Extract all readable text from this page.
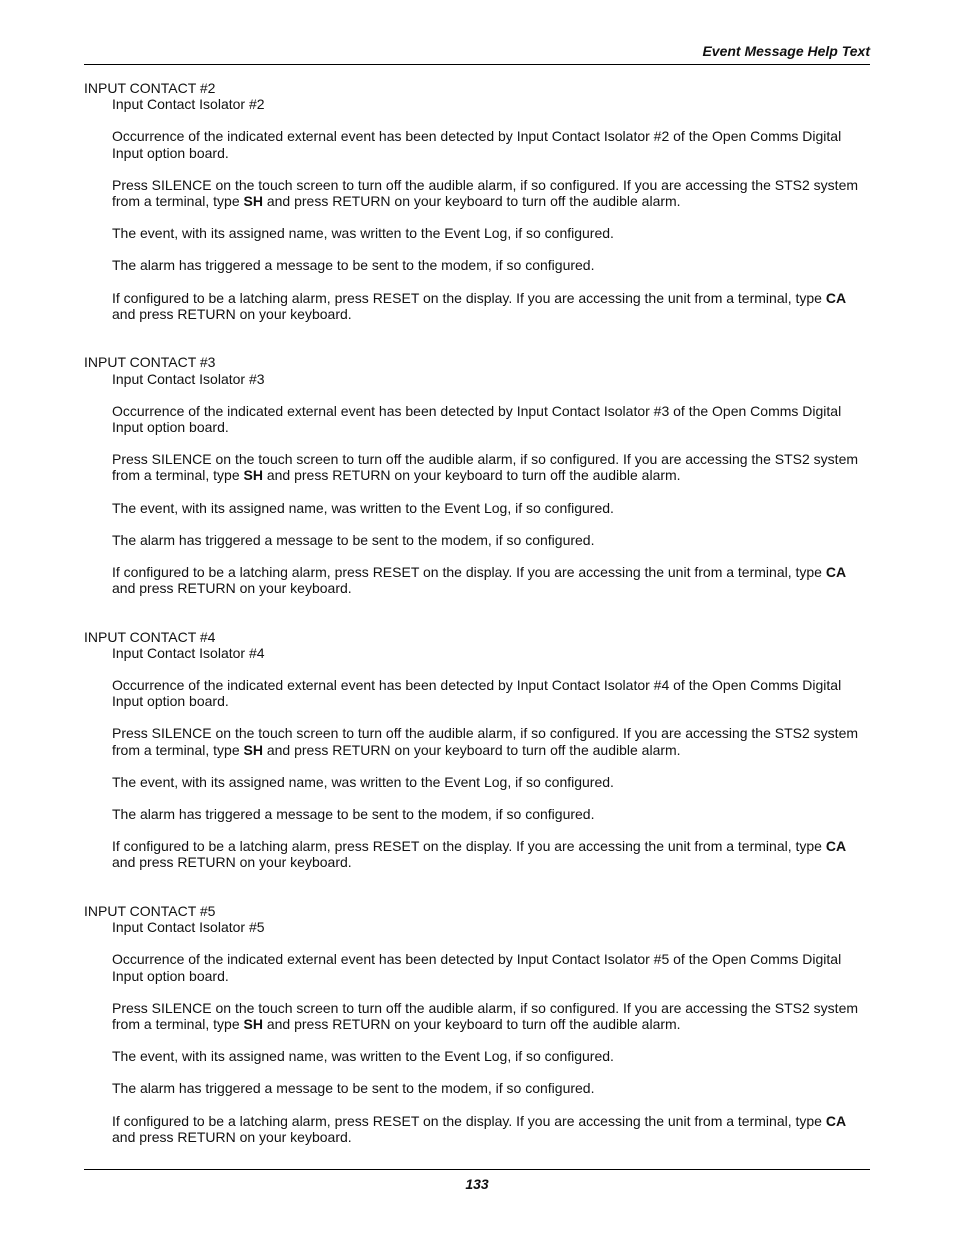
Event Message Help Text
INPUT CONTACT #2

Input Contact Isolator #2

Occurrence of the indicated external event has been detected by Input Contact Isolator #2 of the Open Comms Digital Input option board.

Press SILENCE on the touch screen to turn off the audible alarm, if so configured. If you are accessing the STS2 system from a terminal, type SH and press RETURN on your keyboard to turn off the audible alarm.

The event, with its assigned name, was written to the Event Log, if so configured.

The alarm has triggered a message to be sent to the modem, if so configured.

If configured to be a latching alarm, press RESET on the display. If you are accessing the unit from a terminal, type CA and press RETURN on your keyboard.

INPUT CONTACT #3

Input Contact Isolator #3

Occurrence of the indicated external event has been detected by Input Contact Isolator #3 of the Open Comms Digital Input option board.

Press SILENCE on the touch screen to turn off the audible alarm, if so configured. If you are accessing the STS2 system from a terminal, type SH and press RETURN on your keyboard to turn off the audible alarm.

The event, with its assigned name, was written to the Event Log, if so configured.

The alarm has triggered a message to be sent to the modem, if so configured.

If configured to be a latching alarm, press RESET on the display. If you are accessing the unit from a terminal, type CA and press RETURN on your keyboard.

INPUT CONTACT #4

Input Contact Isolator #4

Occurrence of the indicated external event has been detected by Input Contact Isolator #4 of the Open Comms Digital Input option board.

Press SILENCE on the touch screen to turn off the audible alarm, if so configured. If you are accessing the STS2 system from a terminal, type SH and press RETURN on your keyboard to turn off the audible alarm.

The event, with its assigned name, was written to the Event Log, if so configured.

The alarm has triggered a message to be sent to the modem, if so configured.

If configured to be a latching alarm, press RESET on the display. If you are accessing the unit from a terminal, type CA and press RETURN on your keyboard.

INPUT CONTACT #5

Input Contact Isolator #5

Occurrence of the indicated external event has been detected by Input Contact Isolator #5 of the Open Comms Digital Input option board.

Press SILENCE on the touch screen to turn off the audible alarm, if so configured. If you are accessing the STS2 system from a terminal, type SH and press RETURN on your keyboard to turn off the audible alarm.

The event, with its assigned name, was written to the Event Log, if so configured.

The alarm has triggered a message to be sent to the modem, if so configured.

If configured to be a latching alarm, press RESET on the display. If you are accessing the unit from a terminal, type CA and press RETURN on your keyboard.

133
